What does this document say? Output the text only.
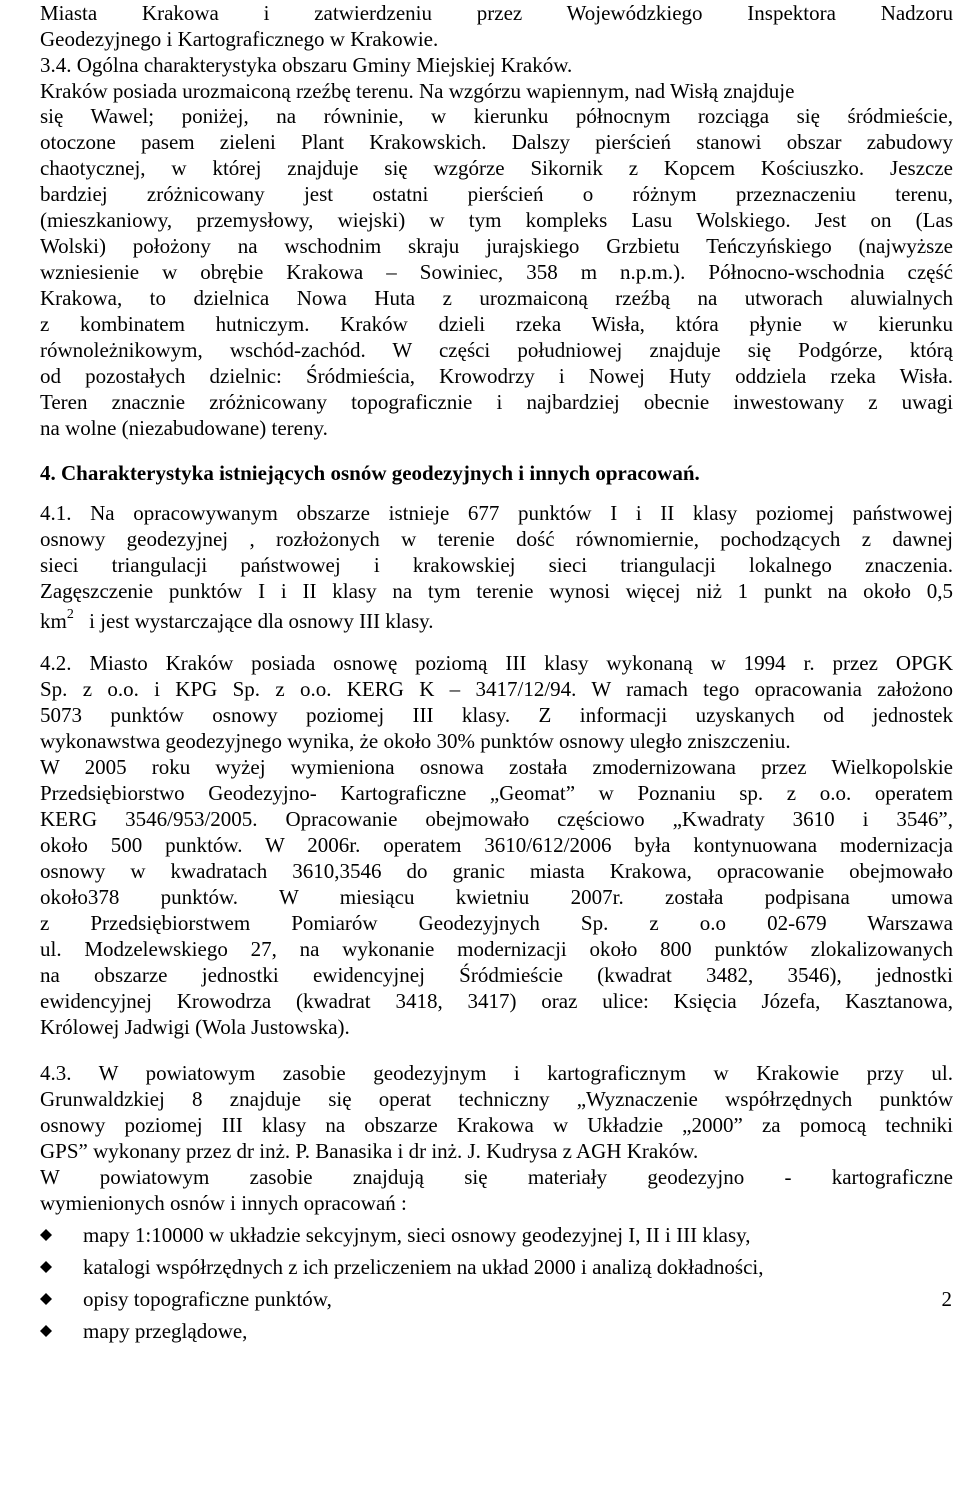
Miasta Krakowa i zatwierdzeniu przez Wojewódzkiego Inspektora Nadzoru
Geodezyjnego i Kartograficznego w Krakowie.
3.4. Ogólna charakterystyka obszaru Gminy Miejskiej Kraków.
Kraków posiada urozmaiconą rzeźbę terenu. Na wzgórzu wapiennym, nad Wisłą znajduje
się Wawel; poniżej, na równinie, w kierunku północnym rozciąga się śródmieście,
otoczone pasem zieleni Plant Krakowskich. Dalszy pierścień stanowi obszar zabudowy
chaotycznej, w której znajduje się wzgórze Sikornik z Kopcem Kościuszko. Jeszcze
bardziej zróżnicowany jest ostatni pierścień o różnym przeznaczeniu terenu,
(mieszkaniowy, przemysłowy, wiejski) w tym kompleks Lasu Wolskiego. Jest on (Las
Wolski) położony na wschodnim skraju jurajskiego Grzbietu Teńczyńskiego (najwyższe
wzniesienie w obrębie Krakowa – Sowiniec, 358 m n.p.m.). Północno-wschodnia część
Krakowa, to dzielnica Nowa Huta z urozmaiconą rzeźbą na utworach aluwialnych
z kombinatem hutniczym. Kraków dzieli rzeka Wisła, która płynie w kierunku
równoleżnikowym, wschód-zachód. W części południowej znajduje się Podgórze, którą
od pozostałych dzielnic: Śródmieścia, Krowodrzy i Nowej Huty oddziela rzeka Wisła.
Teren znacznie zróżnicowany topograficznie i najbardziej obecnie inwestowany z uwagi
na wolne (niezabudowane) tereny.
4. Charakterystyka istniejących osnów geodezyjnych i innych opracowań.
4.1. Na opracowywanym obszarze istnieje 677 punktów I i II klasy poziomej państwowej
osnowy geodezyjnej , rozłożonych w terenie dość równomiernie, pochodzących z dawnej
sieci triangulacji państwowej i krakowskiej sieci triangulacji lokalnego znaczenia.
Zagęszczenie punktów I i II klasy na tym terenie wynosi więcej niż 1 punkt na około 0,5
$km^2$ i jest wystarczające dla osnowy III klasy.
4.2. Miasto Kraków posiada osnowę poziomą III klasy wykonaną w 1994 r. przez OPGK
Sp. z o.o. i KPG Sp. z o.o. KERG K – 3417/12/94. W ramach tego opracowania założono
5073 punktów osnowy poziomej III klasy. Z informacji uzyskanych od jednostek
wykonawstwa geodezyjnego wynika, że około 30% punktów osnowy uległo zniszczeniu.
W 2005 roku wyżej wymieniona osnowa została zmodernizowana przez Wielkopolskie
Przedsiębiorstwo Geodezyjno- Kartograficzne „Geomat” w Poznaniu sp. z o.o. operatem
KERG 3546/953/2005. Opracowanie obejmowało częściowo „Kwadraty 3610 i 3546”,
około 500 punktów. W 2006r. operatem 3610/612/2006 była kontynuowana modernizacja
osnowy w kwadratach 3610,3546 do granic miasta Krakowa, opracowanie obejmowało
około378 punktów. W miesiącu kwietniu 2007r. została podpisana umowa
z Przedsiębiorstwem Pomiarów Geodezyjnych Sp. z o.o 02-679 Warszawa
ul. Modzelewskiego 27, na wykonanie modernizacji około 800 punktów zlokalizowanych
na obszarze jednostki ewidencyjnej Śródmieście (kwadrat 3482, 3546), jednostki
ewidencyjnej Krowodrza (kwadrat 3418, 3417) oraz ulice: Księcia Józefa, Kasztanowa,
Królowej Jadwigi (Wola Justowska).
4.3. W powiatowym zasobie geodezyjnym i kartograficznym w Krakowie przy ul.
Grunwaldzkiej 8 znajduje się operat techniczny „Wyznaczenie współrzędnych punktów
osnowy poziomej III klasy na obszarze Krakowa w Układzie „2000” za pomocą techniki
GPS” wykonany przez dr inż. P. Banasika i dr inż. J. Kudrysa z AGH Kraków.
W powiatowym zasobie znajdują się materiały geodezyjno - kartograficzne
wymienionych osnów i innych opracowań :
mapy 1:10000 w układzie sekcyjnym, sieci osnowy geodezyjnej I, II i III klasy,
katalogi współrzędnych z ich przeliczeniem na układ 2000 i analizą dokładności,
opisy topograficzne punktów,
mapy przeglądowe,
2
